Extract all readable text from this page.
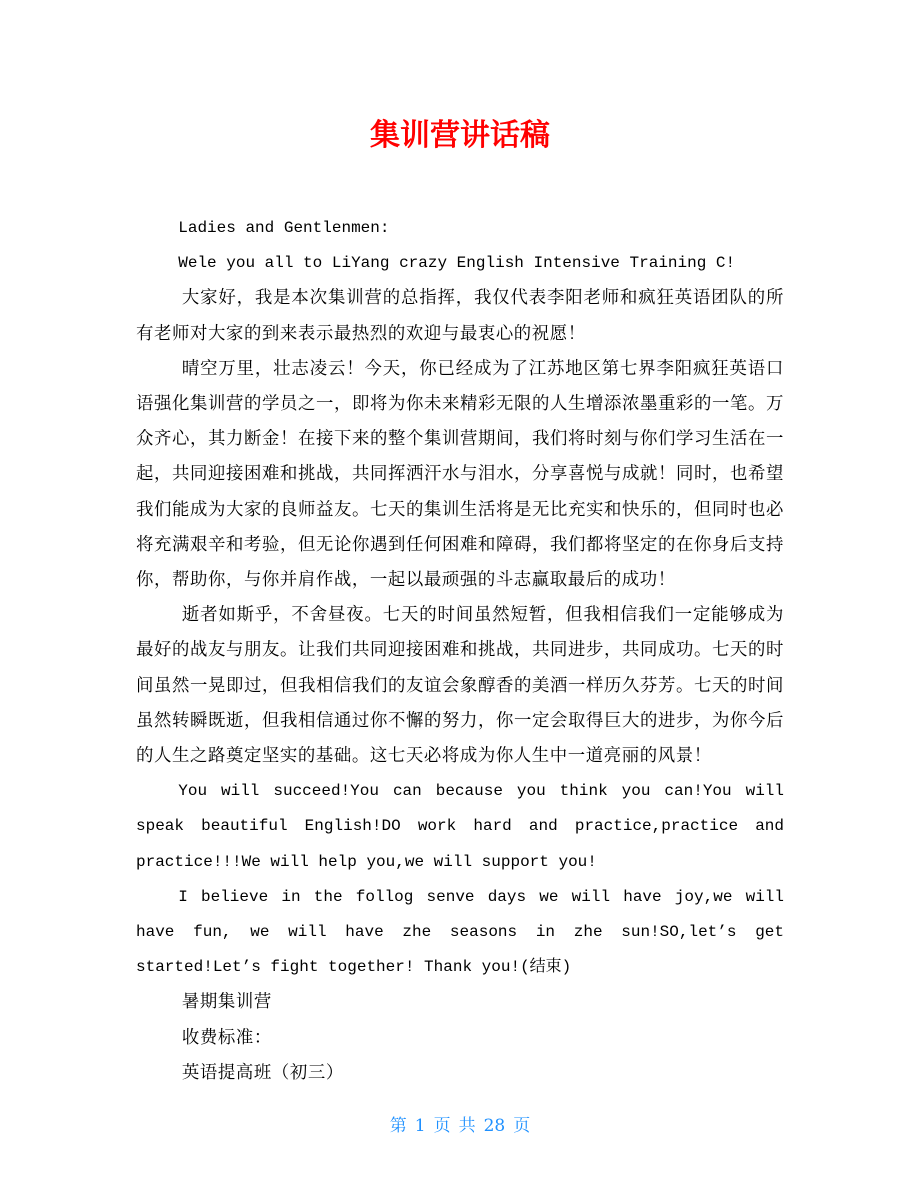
集训营讲话稿

Ladies and Gentlenmen:

Wele you all to LiYang crazy English Intensive Training C!

大家好，我是本次集训营的总指挥，我仅代表李阳老师和疯狂英语团队的所有老师对大家的到来表示最热烈的欢迎与最衷心的祝愿！

晴空万里，壮志凌云！今天，你已经成为了江苏地区第七界李阳疯狂英语口语强化集训营的学员之一，即将为你未来精彩无限的人生增添浓墨重彩的一笔。万众齐心，其力断金！在接下来的整个集训营期间，我们将时刻与你们学习生活在一起，共同迎接困难和挑战，共同挥洒汗水与泪水，分享喜悦与成就！同时，也希望我们能成为大家的良师益友。七天的集训生活将是无比充实和快乐的，但同时也必将充满艰辛和考验，但无论你遇到任何困难和障碍，我们都将坚定的在你身后支持你，帮助你，与你并肩作战，一起以最顽强的斗志赢取最后的成功！

逝者如斯乎，不舍昼夜。七天的时间虽然短暂，但我相信我们一定能够成为最好的战友与朋友。让我们共同迎接困难和挑战，共同进步，共同成功。七天的时间虽然一晃即过，但我相信我们的友谊会象醇香的美酒一样历久芬芳。七天的时间虽然转瞬既逝，但我相信通过你不懈的努力，你一定会取得巨大的进步，为你今后的人生之路奠定坚实的基础。这七天必将成为你人生中一道亮丽的风景！

You will succeed!You can because you think you can!You will speak beautiful English!DO work hard and practice,practice and practice!!!We will help you,we will support you!

I believe in the follog senve days we will have joy,we will have fun, we will have zhe seasons in zhe sun!SO,let’s get started!Let’s fight together! Thank you!(结束)

暑期集训营

收费标准：

英语提高班（初三）

第 1 页 共 28 页
